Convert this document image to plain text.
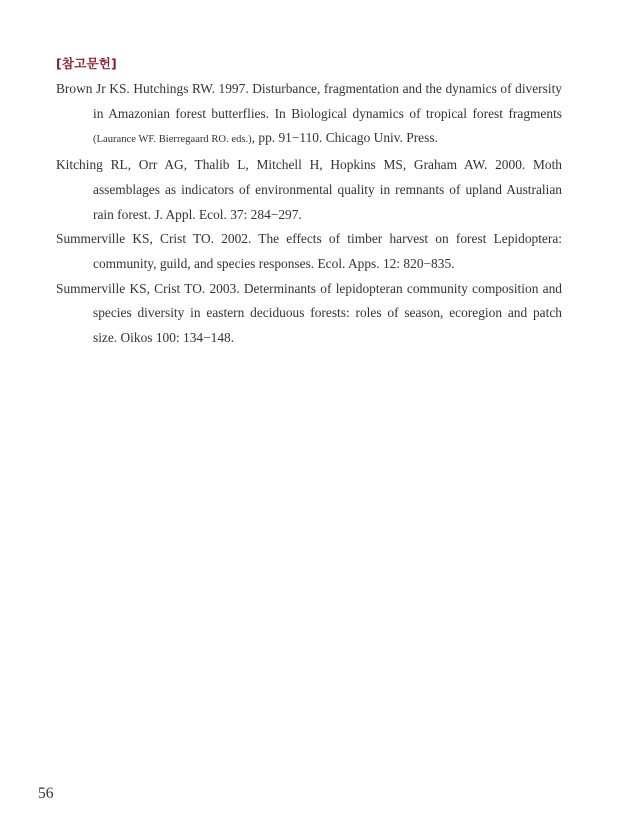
[참고문헌]

Brown Jr KS. Hutchings RW. 1997. Disturbance, fragmentation and the dynamics of diversity in Amazonian forest butterflies. In Biological dynamics of tropical forest fragments (Laurance WF. Bierregaard RO. eds.), pp. 91−110. Chicago Univ. Press.

Kitching RL, Orr AG, Thalib L, Mitchell H, Hopkins MS, Graham AW. 2000. Moth assemblages as indicators of environmental quality in remnants of upland Australian rain forest. J. Appl. Ecol. 37: 284−297.

Summerville KS, Crist TO. 2002. The effects of timber harvest on forest Lepidoptera: community, guild, and species responses. Ecol. Apps. 12: 820−835.

Summerville KS, Crist TO. 2003. Determinants of lepidopteran community composition and species diversity in eastern deciduous forests: roles of season, ecoregion and patch size. Oikos 100: 134−148.

56
